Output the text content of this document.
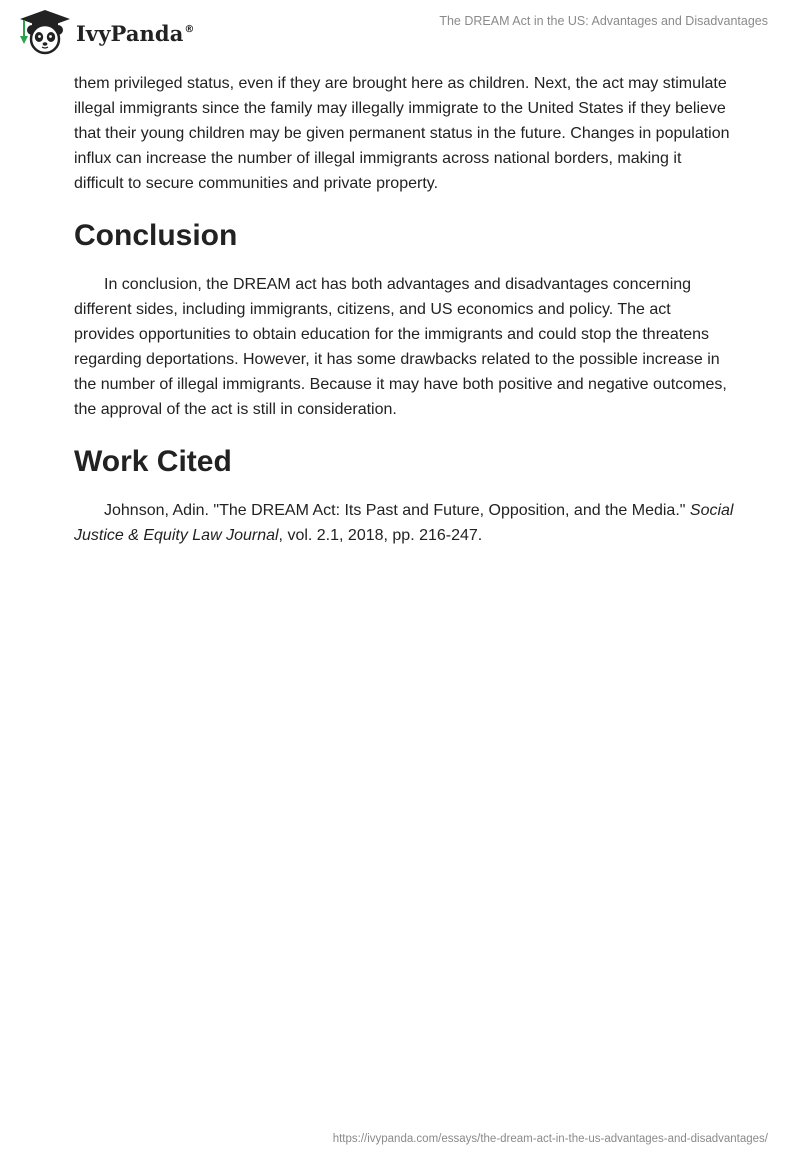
IvyPanda®
The DREAM Act in the US: Advantages and Disadvantages

them privileged status, even if they are brought here as children. Next, the act may stimulate illegal immigrants since the family may illegally immigrate to the United States if they believe that their young children may be given permanent status in the future. Changes in population influx can increase the number of illegal immigrants across national borders, making it difficult to secure communities and private property.

Conclusion

In conclusion, the DREAM act has both advantages and disadvantages concerning different sides, including immigrants, citizens, and US economics and policy. The act provides opportunities to obtain education for the immigrants and could stop the threatens regarding deportations. However, it has some drawbacks related to the possible increase in the number of illegal immigrants. Because it may have both positive and negative outcomes, the approval of the act is still in consideration.

Work Cited

Johnson, Adin. "The DREAM Act: Its Past and Future, Opposition, and the Media." Social Justice & Equity Law Journal, vol. 2.1, 2018, pp. 216-247.

https://ivypanda.com/essays/the-dream-act-in-the-us-advantages-and-disadvantages/
